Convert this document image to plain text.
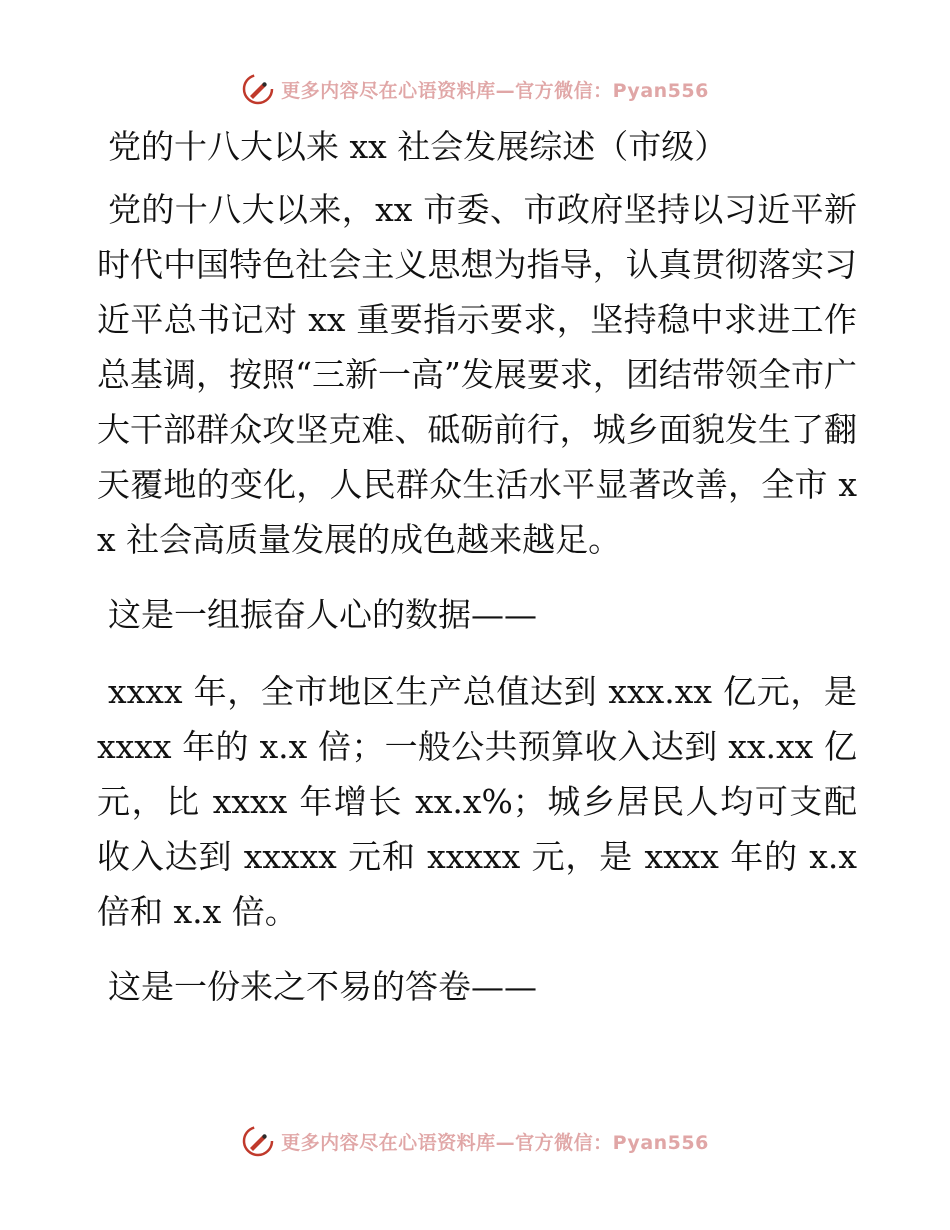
更多内容尽在心语资料库—官方微信：Pyan556
党的十八大以来 xx 社会发展综述（市级）

党的十八大以来，xx 市委、市政府坚持以习近平新时代中国特色社会主义思想为指导，认真贯彻落实习近平总书记对 xx 重要指示要求，坚持稳中求进工作总基调，按照“三新一高”发展要求，团结带领全市广大干部群众攻坚克难、砥砺前行，城乡面貌发生了翻天覆地的变化，人民群众生活水平显著改善，全市 xx 社会高质量发展的成色越来越足。

这是一组振奋人心的数据——

xxxx 年，全市地区生产总值达到 xxx.xx 亿元，是 xxxx 年的 x.x 倍；一般公共预算收入达到 xx.xx 亿元，比 xxxx 年增长 xx.x%；城乡居民人均可支配收入达到 xxxxx 元和 xxxxx 元，是 xxxx 年的 x.x 倍和 x.x 倍。

这是一份来之不易的答卷——

更多内容尽在心语资料库—官方微信：Pyan556
